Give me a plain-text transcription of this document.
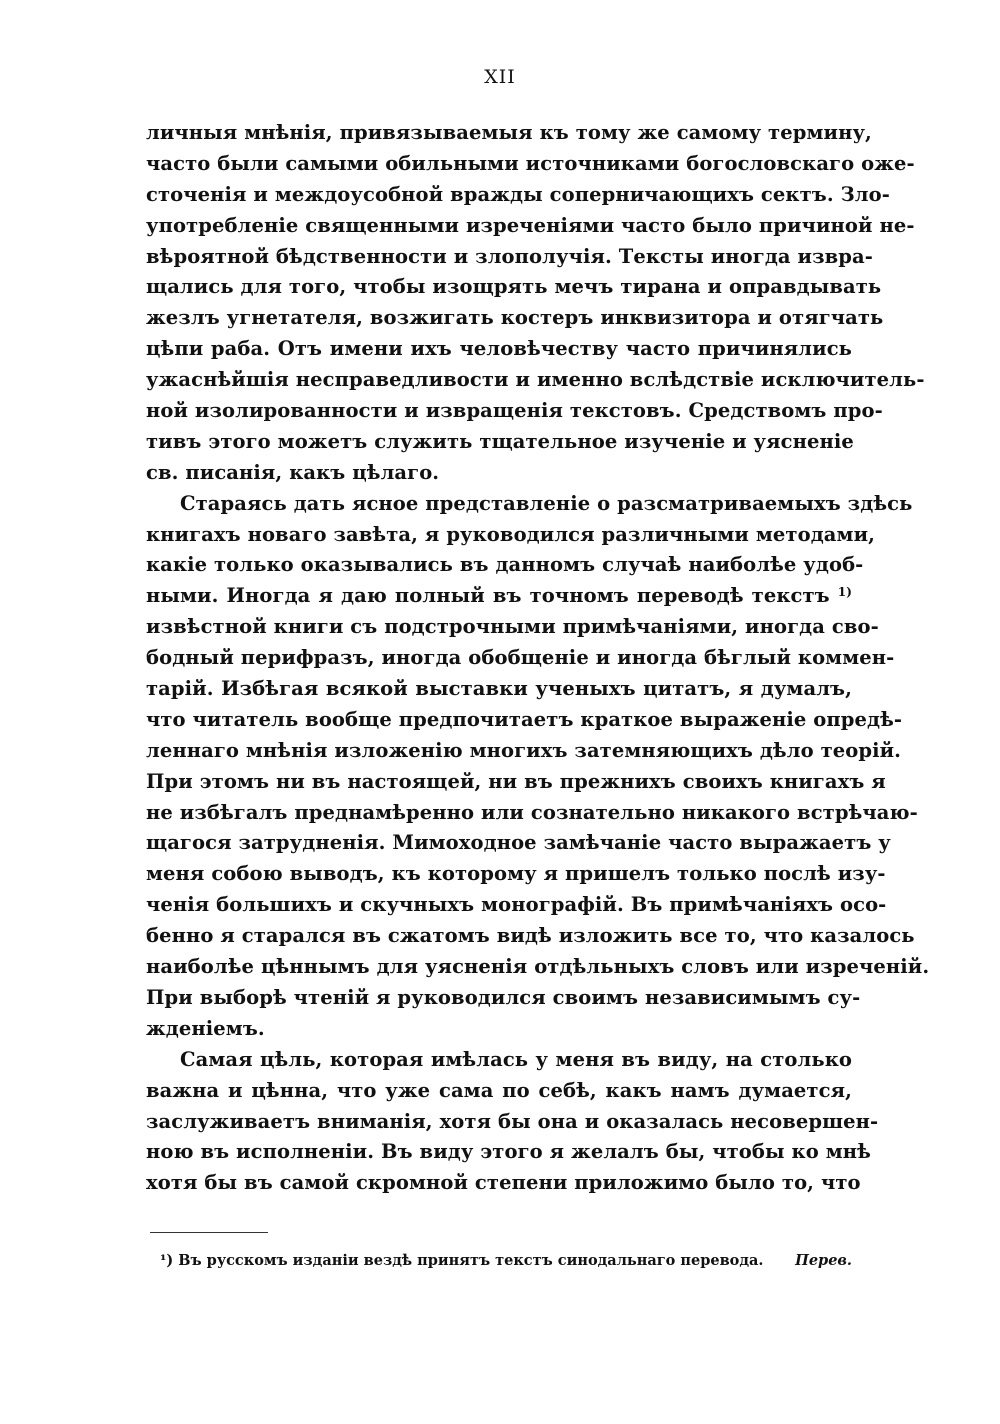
XII
личныя мнѣнія, привязываемыя къ тому же самому термину,
часто были самыми обильными источниками богословскаго оже-
сточенія и междоусобной вражды соперничающихъ сектъ. Зло-
употребленіе священными изреченіями часто было причиной не-
вѣроятной бѣдственности и злополучія. Тексты иногда извра-
щались для того, чтобы изощрять мечъ тирана и оправдывать
жезлъ угнетателя, возжигать костеръ инквизитора и отягчать
цѣпи раба. Отъ имени ихъ человѣчеству часто причинялись
ужаснѣйшія несправедливости и именно вслѣдствіе исключитель-
ной изолированности и извращенія текстовъ. Средствомъ про-
тивъ этого можетъ служить тщательное изученіе и уясненіе
св. писанія, какъ цѣлаго.
Стараясь дать ясное представленіе о разсматриваемыхъ здѣсь
книгахъ новаго завѣта, я руководился различными методами,
какіе только оказывались въ данномъ случаѣ наиболѣе удоб-
ными. Иногда я даю полный въ точномъ переводѣ текстъ $^{1)}$
извѣстной книги съ подстрочными примѣчаніями, иногда сво-
бодный перифразъ, иногда обобщеніе и иногда бѣглый коммен-
тарій. Избѣгая всякой выставки ученыхъ цитатъ, я думалъ,
что читатель вообще предпочитаетъ краткое выраженіе опредѣ-
леннаго мнѣнія изложенію многихъ затемняющихъ дѣло теорій.
При этомъ ни въ настоящей, ни въ прежнихъ своихъ книгахъ я
не избѣгалъ преднамѣренно или сознательно никакого встрѣчаю-
щагося затрудненія. Мимоходное замѣчаніе часто выражаетъ у
меня собою выводъ, къ которому я пришелъ только послѣ изу-
ченія большихъ и скучныхъ монографій. Въ примѣчаніяхъ осо-
бенно я старался въ сжатомъ видѣ изложить все то, что казалось
наиболѣе цѣннымъ для уясненія отдѣльныхъ словъ или изреченій.
При выборѣ чтеній я руководился своимъ независимымъ су-
жденіемъ.
Самая цѣль, которая имѣлась у меня въ виду, на столько
важна и цѣнна, что уже сама по себѣ, какъ намъ думается,
заслуживаетъ вниманія, хотя бы она и оказалась несовершен-
ною въ исполненіи. Въ виду этого я желалъ бы, чтобы ко мнѣ
хотя бы въ самой скромной степени приложимо было то, что
¹) Въ русскомъ изданіи вездѣ принятъ текстъ синодальнаго перевода. Перев.
